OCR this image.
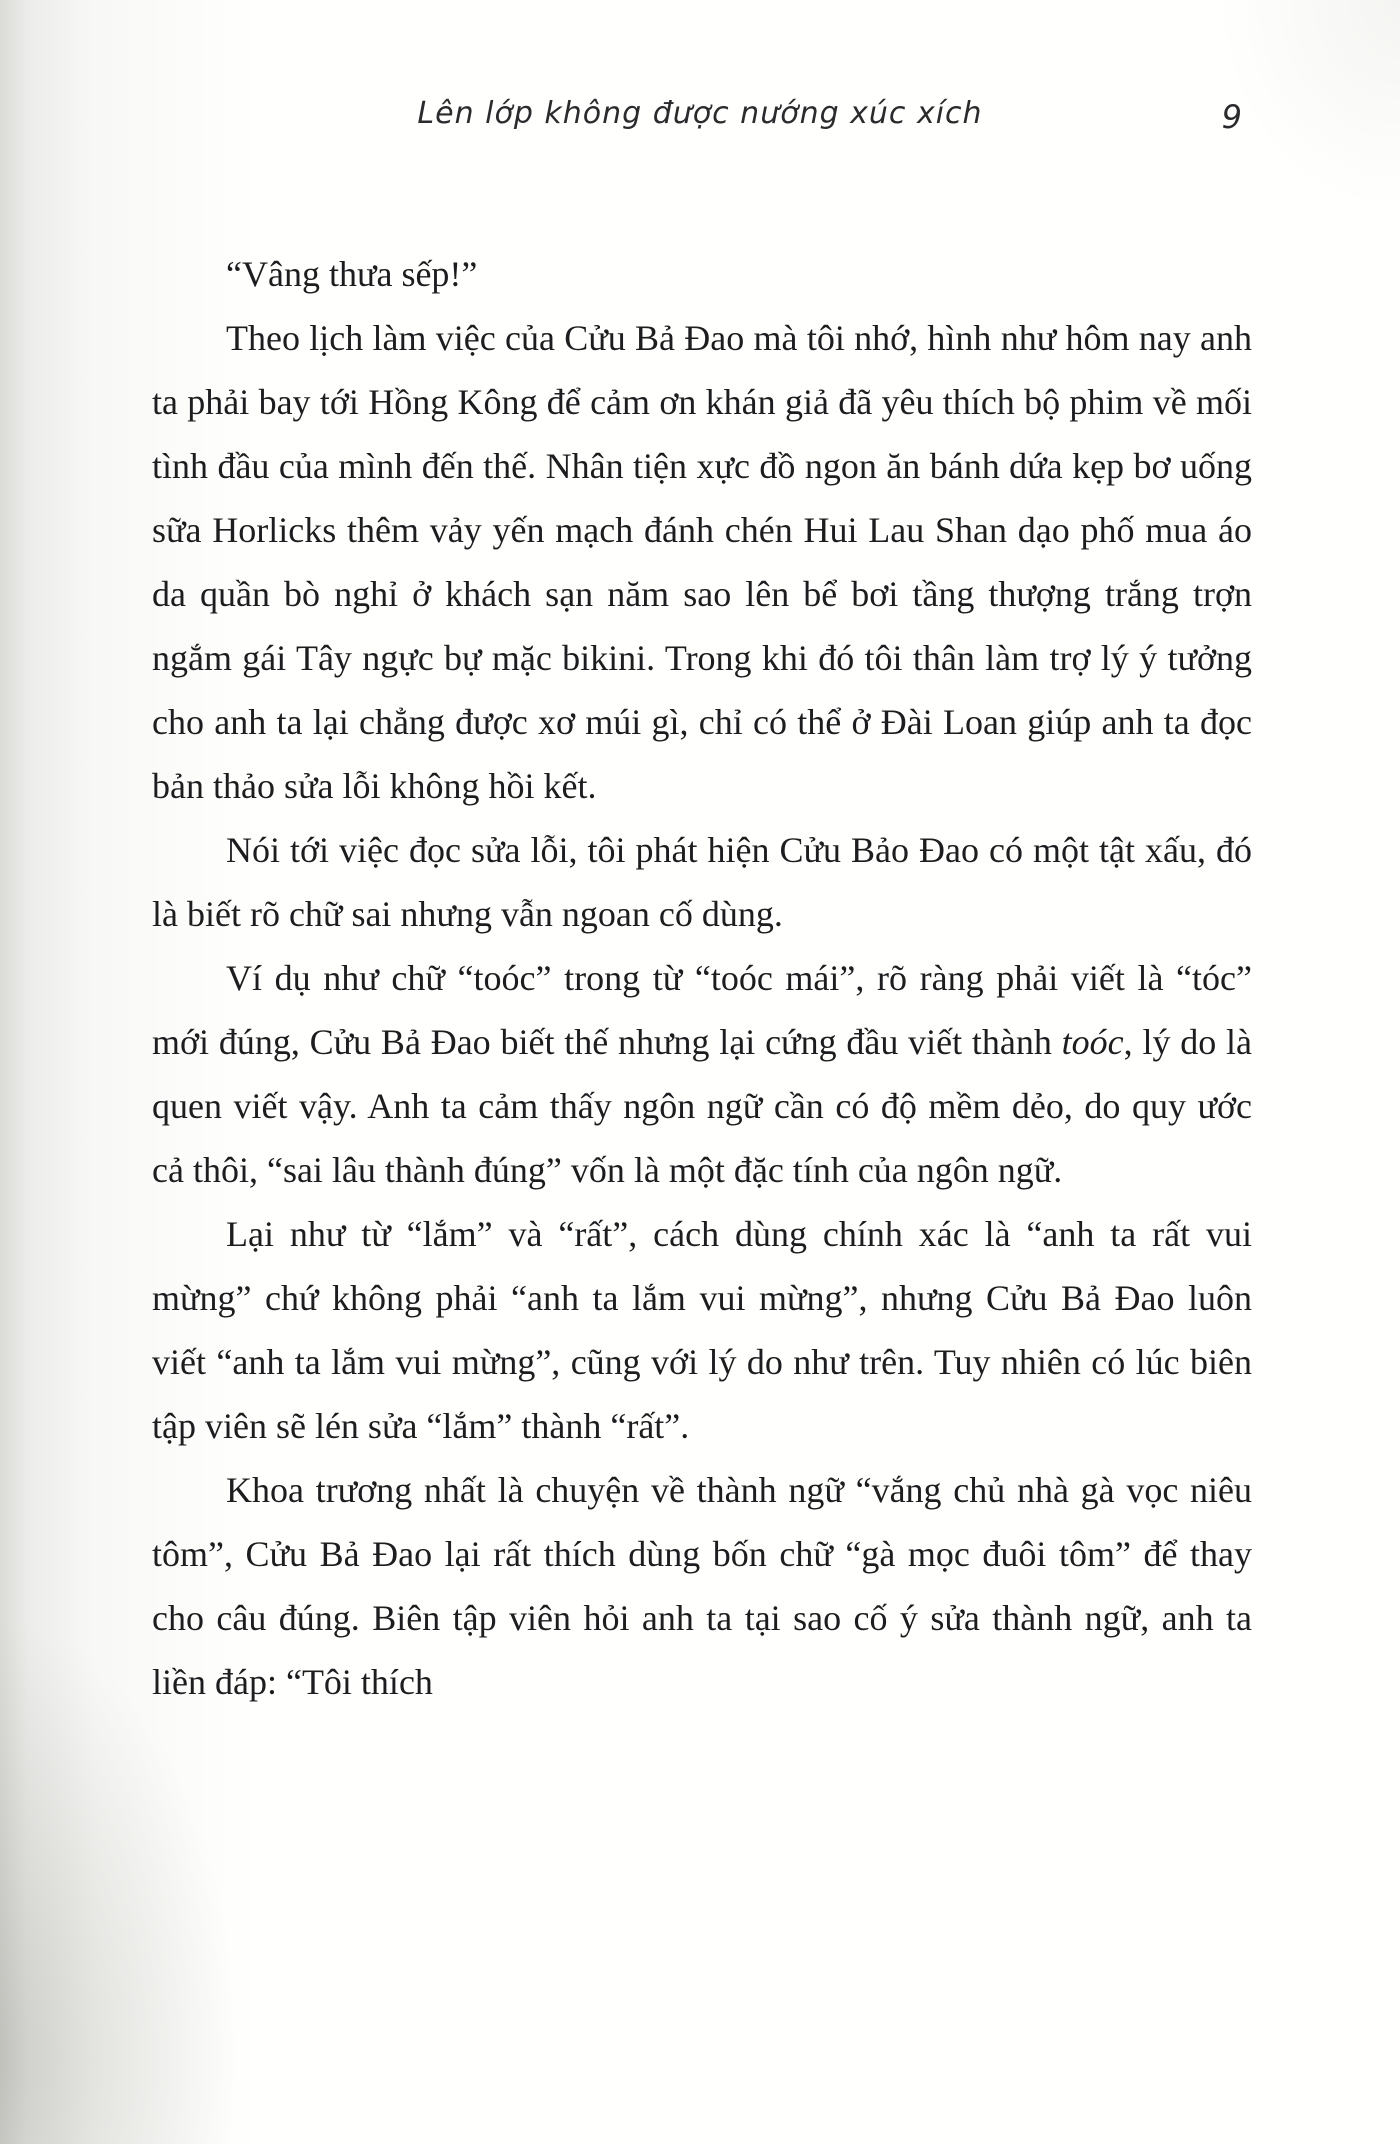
Lên lớp không được nướng xúc xích	9

“Vâng thưa sếp!”

Theo lịch làm việc của Cửu Bả Đao mà tôi nhớ, hình như hôm nay anh ta phải bay tới Hồng Kông để cảm ơn khán giả đã yêu thích bộ phim về mối tình đầu của mình đến thế. Nhân tiện xực đồ ngon ăn bánh dứa kẹp bơ uống sữa Horlicks thêm vảy yến mạch đánh chén Hui Lau Shan dạo phố mua áo da quần bò nghỉ ở khách sạn năm sao lên bể bơi tầng thượng trắng trợn ngắm gái Tây ngực bự mặc bikini. Trong khi đó tôi thân làm trợ lý ý tưởng cho anh ta lại chẳng được xơ múi gì, chỉ có thể ở Đài Loan giúp anh ta đọc bản thảo sửa lỗi không hồi kết.

Nói tới việc đọc sửa lỗi, tôi phát hiện Cửu Bảo Đao có một tật xấu, đó là biết rõ chữ sai nhưng vẫn ngoan cố dùng.

Ví dụ như chữ “toóc” trong từ “toóc mái”, rõ ràng phải viết là “tóc” mới đúng, Cửu Bả Đao biết thế nhưng lại cứng đầu viết thành toóc, lý do là quen viết vậy. Anh ta cảm thấy ngôn ngữ cần có độ mềm dẻo, do quy ước cả thôi, “sai lâu thành đúng” vốn là một đặc tính của ngôn ngữ.

Lại như từ “lắm” và “rất”, cách dùng chính xác là “anh ta rất vui mừng” chứ không phải “anh ta lắm vui mừng”, nhưng Cửu Bả Đao luôn viết “anh ta lắm vui mừng”, cũng với lý do như trên. Tuy nhiên có lúc biên tập viên sẽ lén sửa “lắm” thành “rất”.

Khoa trương nhất là chuyện về thành ngữ “vắng chủ nhà gà vọc niêu tôm”, Cửu Bả Đao lại rất thích dùng bốn chữ “gà mọc đuôi tôm” để thay cho câu đúng. Biên tập viên hỏi anh ta tại sao cố ý sửa thành ngữ, anh ta liền đáp: “Tôi thích
